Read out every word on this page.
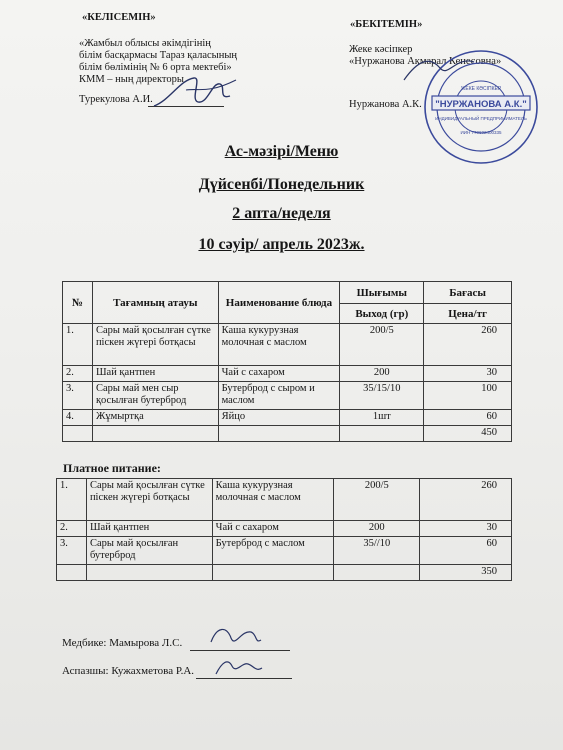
«КЕЛІСЕМІН»
«Жамбыл облысы әкімдігінің
білім басқармасы Тараз қаласының
білім бөлімінің № 6 орта мектебі»
КММ – ның директоры
Турекулова А.И.
«БЕКІТЕМІН»
Жеке кәсіпкер
«Нуржанова Акмарал Кенесовна»
Нуржанова А.К. "НУРЖАНОВА А.К."
ЖЕКЕ КӘСІПКЕР
ИНДИВИДУАЛЬНЫЙ ПРЕДПРИНИМАТЕЛЬ
ИИН 770602400335
Ас-мәзірі/Меню
Дүйсенбі/Понедельник
2 апта/неделя
10 сәуір/ апрель 2023ж.
№	Тағамның атауы	Наименование блюда	Шығымы	Бағасы
			Выход (гр)	Цена/тг
1.	Сары май қосылған сүтке піскен жүгері ботқасы	Каша кукурузная молочная с маслом	200/5	260
2.	Шай қантпен	Чай с сахаром	200	30
3.	Сары май мен сыр қосылған бутерброд	Бутерброд с сыром и маслом	35/15/10	100
4.	Жұмыртқа	Яйцо	1шт	60
				450
Платное питание:
1.	Сары май қосылған сүтке піскен жүгері ботқасы	Каша кукурузная молочная с маслом	200/5	260
2.	Шай қантпен	Чай с сахаром	200	30
3.	Сары май қосылған бутерброд	Бутерброд с маслом	35//10	60
				350
Медбике: Мамырова Л.С.
Аспазшы: Кужахметова Р.А.
